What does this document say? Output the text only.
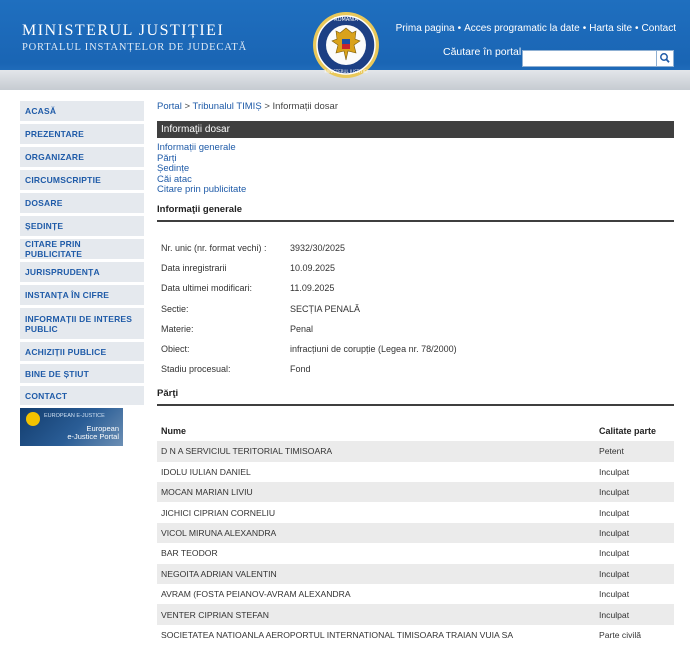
MINISTERUL JUSTIȚIEI
PORTALUL INSTANȚELOR DE JUDECATĂ
ROMANIA
MINISTERUL JUSTITIEI
Prima pagina • Acces programatic la date • Harta site • Contact
Căutare în portal
ACASĂ
PREZENTARE
ORGANIZARE
CIRCUMSCRIPTIE
DOSARE
ȘEDINȚE
CITARE PRIN PUBLICITATE
JURISPRUDENȚA
INSTANȚA ÎN CIFRE
INFORMAȚII DE INTERES PUBLIC
ACHIZIȚII PUBLICE
BINE DE ȘTIUT
CONTACT
EUROPEAN E-JUSTICE
European
e-Justice Portal
Portal > Tribunalul TIMIȘ > Informații dosar
Informaţii dosar
Informații generale
Părți
Ședințe
Căi atac
Citare prin publicitate
Informaţii generale
Nr. unic (nr. format vechi) :	3932/30/2025
Data inregistrarii	10.09.2025
Data ultimei modificari:	11.09.2025
Sectie:	SECȚIA PENALĂ
Materie:	Penal
Obiect:	infracțiuni de corupție (Legea nr. 78/2000)
Stadiu procesual:	Fond
Părţi
Nume	Calitate parte
D N A SERVICIUL TERITORIAL TIMISOARA	Petent
IDOLU IULIAN DANIEL	Inculpat
MOCAN MARIAN LIVIU	Inculpat
JICHICI CIPRIAN CORNELIU	Inculpat
VICOL MIRUNA ALEXANDRA	Inculpat
BAR TEODOR	Inculpat
NEGOITA ADRIAN VALENTIN	Inculpat
AVRAM (FOSTA PEIANOV-AVRAM ALEXANDRA	Inculpat
VENTER CIPRIAN STEFAN	Inculpat
SOCIETATEA NATIOANLA AEROPORTUL INTERNATIONAL TIMISOARA TRAIAN VUIA SA	Parte civilă
